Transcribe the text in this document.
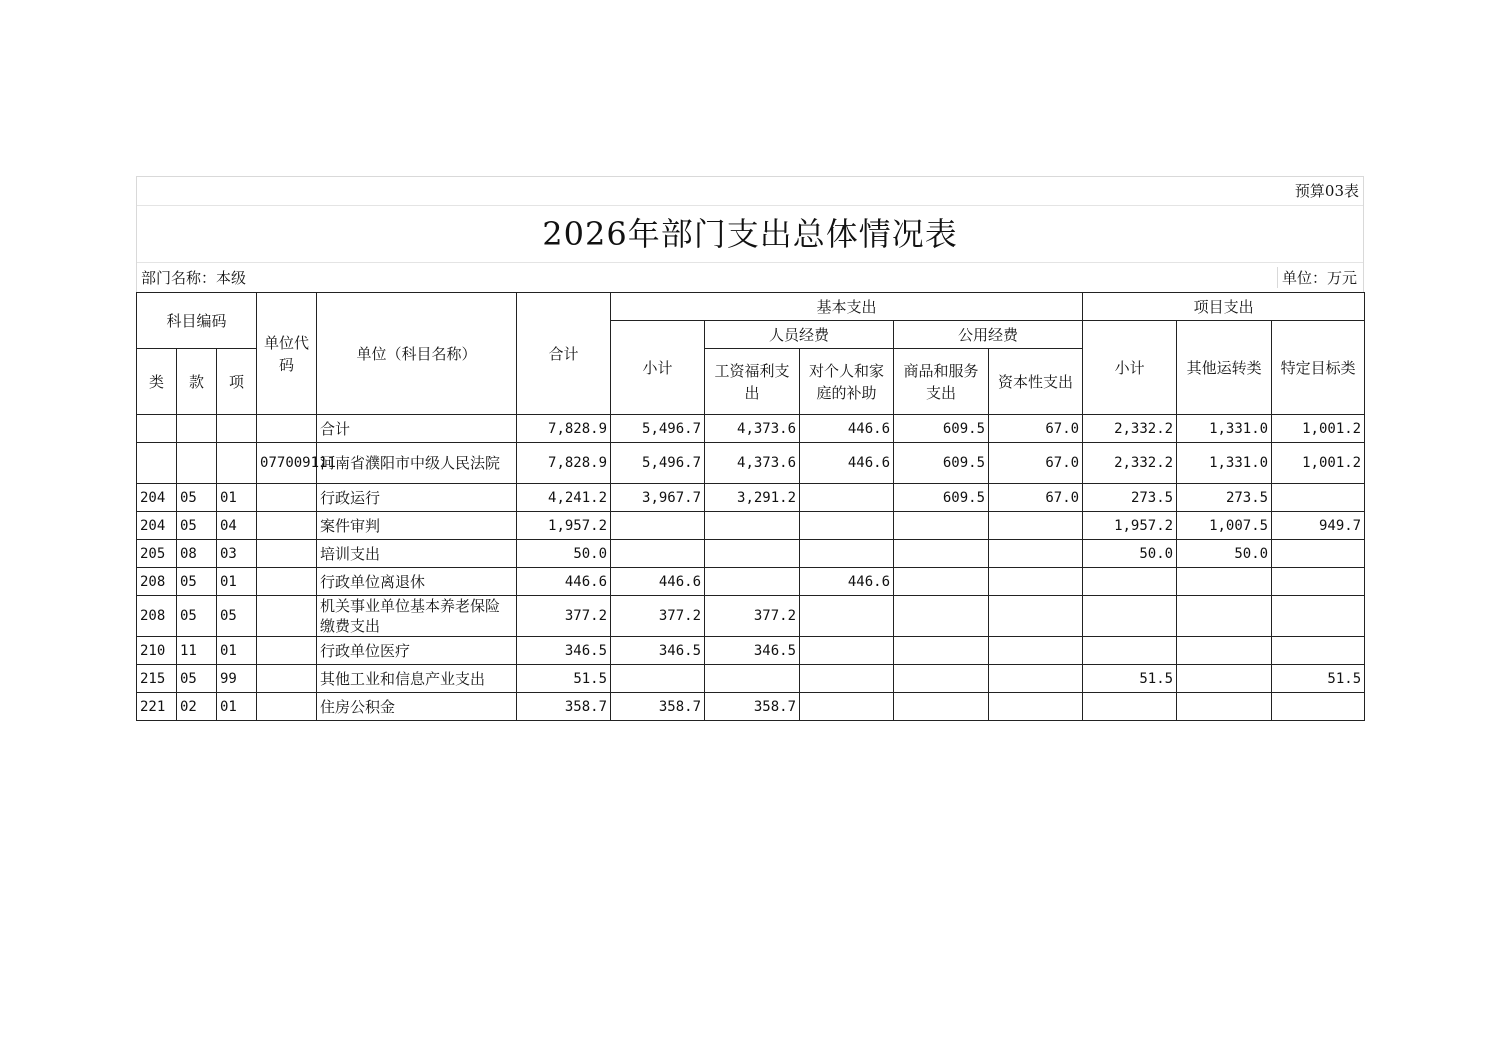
预算03表
2026年部门支出总体情况表
部门名称：本级	单位：万元
科目编码			单位代码	单位（科目名称）	合计	基本支出					项目支出		
						小计	人员经费		公用经费		小计	其他运转类	特定目标类
类	款	项					工资福利支出	对个人和家庭的补助	商品和服务支出	资本性支出			
				合计	7,828.9	5,496.7	4,373.6	446.6	609.5	67.0	2,332.2	1,331.0	1,001.2
			077009111	河南省濮阳市中级人民法院	7,828.9	5,496.7	4,373.6	446.6	609.5	67.0	2,332.2	1,331.0	1,001.2
204	05	01		行政运行	4,241.2	3,967.7	3,291.2		609.5	67.0	273.5	273.5	
204	05	04		案件审判	1,957.2						1,957.2	1,007.5	949.7
205	08	03		培训支出	50.0						50.0	50.0	
208	05	01		行政单位离退休	446.6	446.6		446.6					
208	05	05		机关事业单位基本养老保险缴费支出	377.2	377.2	377.2						
210	11	01		行政单位医疗	346.5	346.5	346.5						
215	05	99		其他工业和信息产业支出	51.5						51.5		51.5
221	02	01		住房公积金	358.7	358.7	358.7						
